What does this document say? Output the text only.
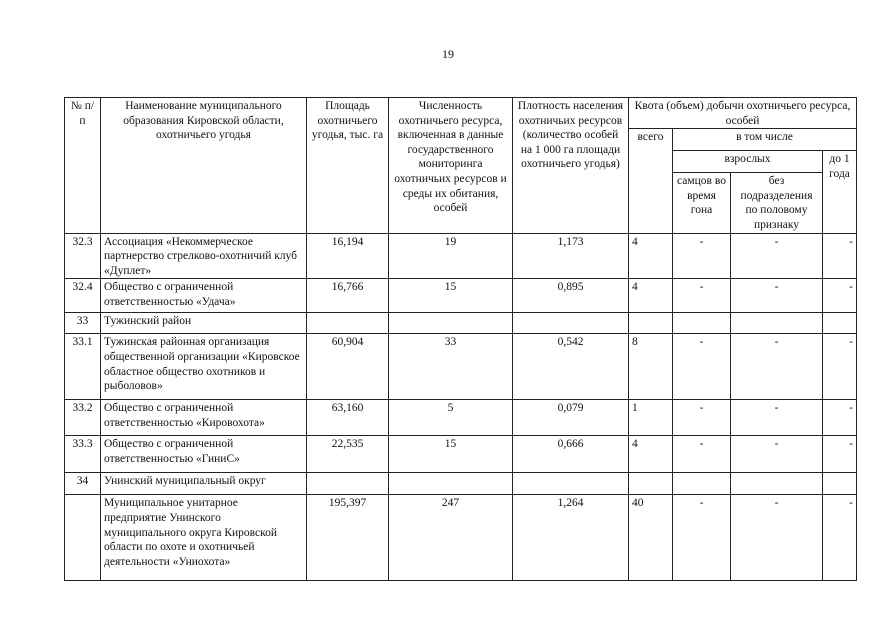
19
№ п/п	Наименование муниципального образования Кировской области, охотничьего угодья	Площадь охотничьего угодья, тыс. га	Численность охотничьего ресурса, включенная в данные государственного мониторинга охотничьих ресурсов и среды их обитания, особей	Плотность населения охотничьих ресурсов (количество особей на 1 000 га площади охотничьего угодья)	Квота (объем) добычи охотничьего ресурса, особей			
					всего	в том числе		
						взрослых		до 1 года
						самцов во время гона	без подразделения по половому признаку	
32.3	Ассоциация «Некоммерческое партнерство стрелково-охотничий клуб «Дуплет»	16,194	19	1,173	4	-	-	-
32.4	Общество с ограниченной ответственностью «Удача»	16,766	15	0,895	4	-	-	-
33	Тужинский район							
33.1	Тужинская районная организация общественной организации «Кировское областное общество охотников и рыболовов»	60,904	33	0,542	8	-	-	-
33.2	Общество с ограниченной ответственностью «Кировохота»	63,160	5	0,079	1	-	-	-
33.3	Общество с ограниченной ответственностью «ГиниС»	22,535	15	0,666	4	-	-	-
34	Унинский муниципальный округ							
	Муниципальное унитарное предприятие Унинского муниципального округа Кировской области по охоте и охотничьей деятельности «Униохота»	195,397	247	1,264	40	-	-	-
